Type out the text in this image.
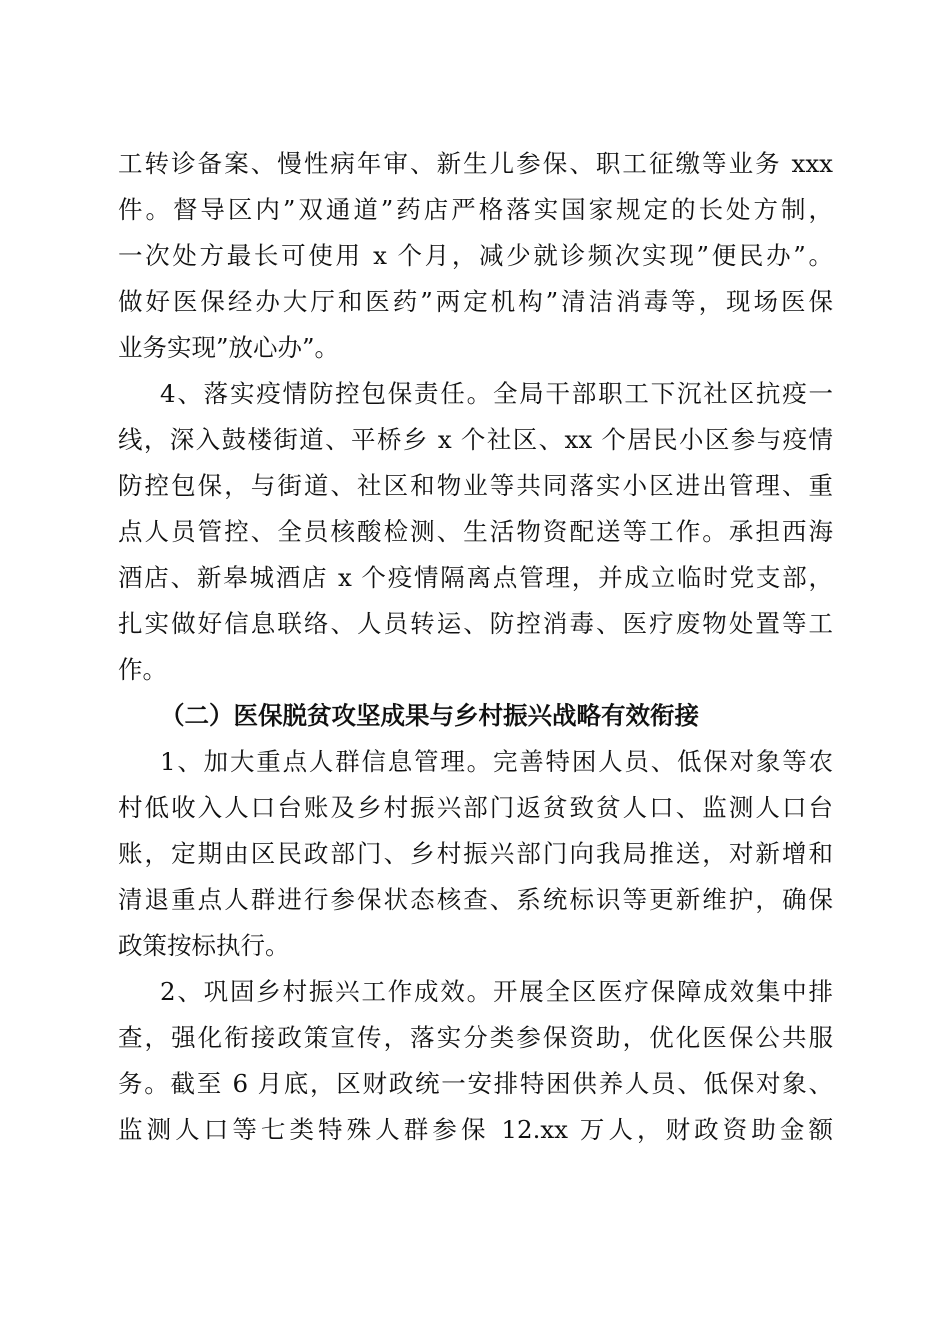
工转诊备案、慢性病年审、新生儿参保、职工征缴等业务 xxx
件。督导区内”双通道”药店严格落实国家规定的长处方制，
一次处方最长可使用 x 个月，减少就诊频次实现”便民办”。
做好医保经办大厅和医药”两定机构”清洁消毒等，现场医保
业务实现”放心办”。
4、落实疫情防控包保责任。全局干部职工下沉社区抗疫一
线，深入鼓楼街道、平桥乡 x 个社区、xx 个居民小区参与疫情
防控包保，与街道、社区和物业等共同落实小区进出管理、重
点人员管控、全员核酸检测、生活物资配送等工作。承担西海
酒店、新皋城酒店 x 个疫情隔离点管理，并成立临时党支部，
扎实做好信息联络、人员转运、防控消毒、医疗废物处置等工
作。
（二）医保脱贫攻坚成果与乡村振兴战略有效衔接
1、加大重点人群信息管理。完善特困人员、低保对象等农
村低收入人口台账及乡村振兴部门返贫致贫人口、监测人口台
账，定期由区民政部门、乡村振兴部门向我局推送，对新增和
清退重点人群进行参保状态核查、系统标识等更新维护，确保
政策按标执行。
2、巩固乡村振兴工作成效。开展全区医疗保障成效集中排
查，强化衔接政策宣传，落实分类参保资助，优化医保公共服
务。截至 6 月底，区财政统一安排特困供养人员、低保对象、
监测人口等七类特殊人群参保 12.xx 万人，财政资助金额
